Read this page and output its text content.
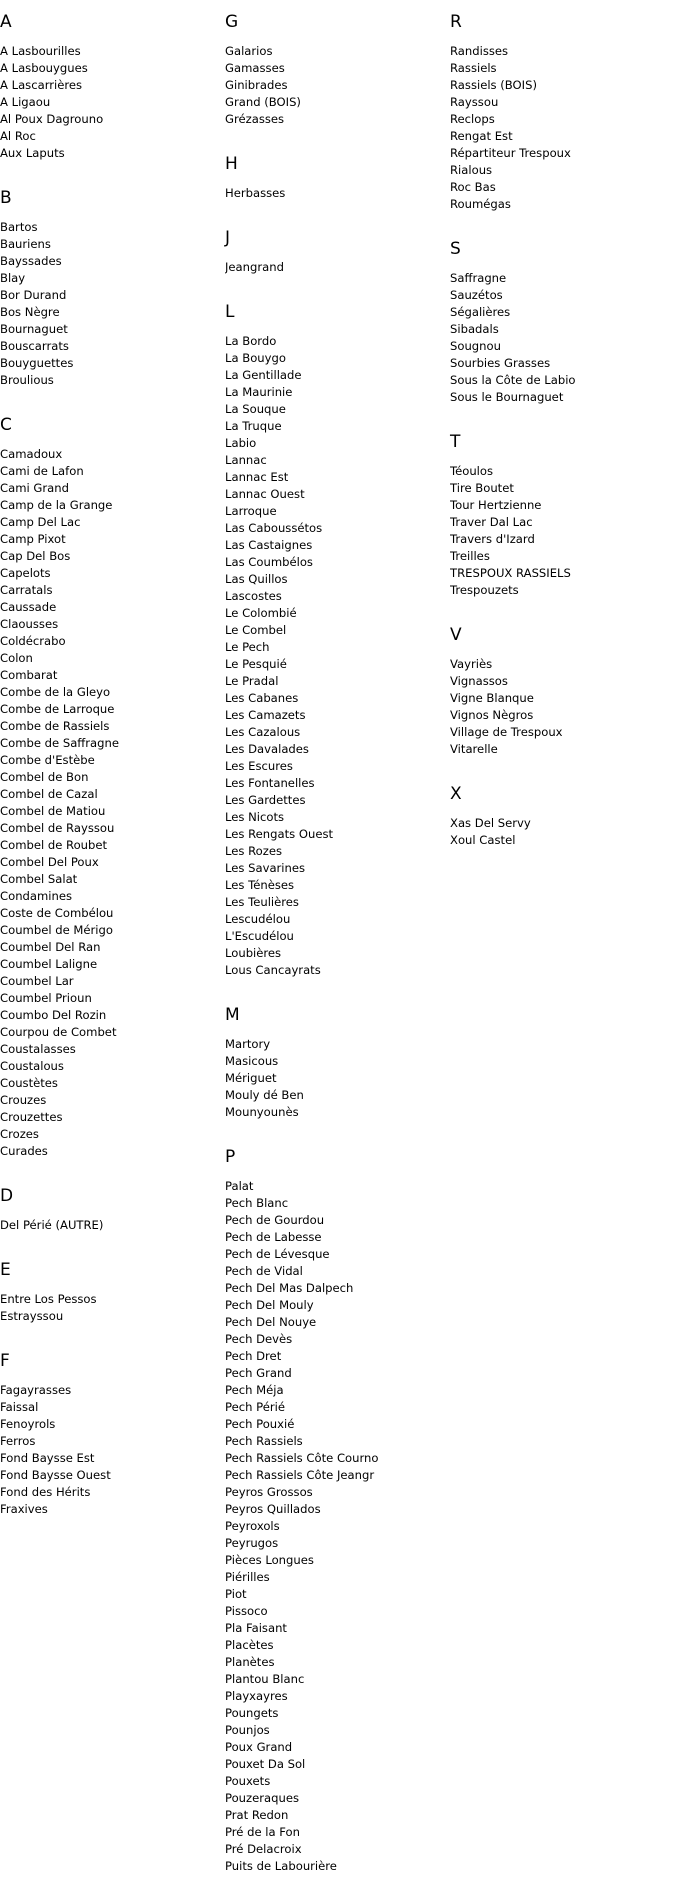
A
A Lasbourilles
A Lasbouygues
A Lascarrières
A Ligaou
Al Poux Dagrouno
Al Roc
Aux Laputs
B
Bartos
Bauriens
Bayssades
Blay
Bor Durand
Bos Nègre
Bournaguet
Bouscarrats
Bouyguettes
Broulious
C
Camadoux
Cami de Lafon
Cami Grand
Camp de la Grange
Camp Del Lac
Camp Pixot
Cap Del Bos
Capelots
Carratals
Caussade
Claousses
Coldécrabo
Colon
Combarat
Combe de la Gleyo
Combe de Larroque
Combe de Rassiels
Combe de Saffragne
Combe d'Estèbe
Combel de Bon
Combel de Cazal
Combel de Matiou
Combel de Rayssou
Combel de Roubet
Combel Del Poux
Combel Salat
Condamines
Coste de Combélou
Coumbel de Mérigo
Coumbel Del Ran
Coumbel Laligne
Coumbel Lar
Coumbel Prioun
Coumbo Del Rozin
Courpou de Combet
Coustalasses
Coustalous
Coustètes
Crouzes
Crouzettes
Crozes
Curades
D
Del Périé (AUTRE)
E
Entre Los Pessos
Estrayssou
F
Fagayrasses
Faissal
Fenoyrols
Ferros
Fond Baysse Est
Fond Baysse Ouest
Fond des Hérits
Fraxives
G
Galarios
Gamasses
Ginibrades
Grand (BOIS)
Grézasses
H
Herbasses
J
Jeangrand
L
La Bordo
La Bouygo
La Gentillade
La Maurinie
La Souque
La Truque
Labio
Lannac
Lannac Est
Lannac Ouest
Larroque
Las Caboussétos
Las Castaignes
Las Coumbélos
Las Quillos
Lascostes
Le Colombié
Le Combel
Le Pech
Le Pesquié
Le Pradal
Les Cabanes
Les Camazets
Les Cazalous
Les Davalades
Les Escures
Les Fontanelles
Les Gardettes
Les Nicots
Les Rengats Ouest
Les Rozes
Les Savarines
Les Ténèses
Les Teulières
Lescudélou
L'Escudélou
Loubières
Lous Cancayrats
M
Martory
Masicous
Mériguet
Mouly dé Ben
Mounyounès
P
Palat
Pech Blanc
Pech de Gourdou
Pech de Labesse
Pech de Lévesque
Pech de Vidal
Pech Del Mas Dalpech
Pech Del Mouly
Pech Del Nouye
Pech Devès
Pech Dret
Pech Grand
Pech Méja
Pech Périé
Pech Pouxié
Pech Rassiels
Pech Rassiels Côte Courno
Pech Rassiels Côte Jeangr
Peyros Grossos
Peyros Quillados
Peyroxols
Peyrugos
Pièces Longues
Piérilles
Piot
Pissoco
Pla Faisant
Placètes
Planètes
Plantou Blanc
Playxayres
Poungets
Pounjos
Poux Grand
Pouxet Da Sol
Pouxets
Pouzeraques
Prat Redon
Pré de la Fon
Pré Delacroix
Puits de Labourière
R
Randisses
Rassiels
Rassiels (BOIS)
Rayssou
Reclops
Rengat Est
Répartiteur Trespoux
Rialous
Roc Bas
Roumégas
S
Saffragne
Sauzétos
Ségalières
Sibadals
Sougnou
Sourbies Grasses
Sous la Côte de Labio
Sous le Bournaguet
T
Téoulos
Tire Boutet
Tour Hertzienne
Traver Dal Lac
Travers d'Izard
Treilles
TRESPOUX RASSIELS
Trespouzets
V
Vayriès
Vignassos
Vigne Blanque
Vignos Nègros
Village de Trespoux
Vitarelle
X
Xas Del Servy
Xoul Castel
